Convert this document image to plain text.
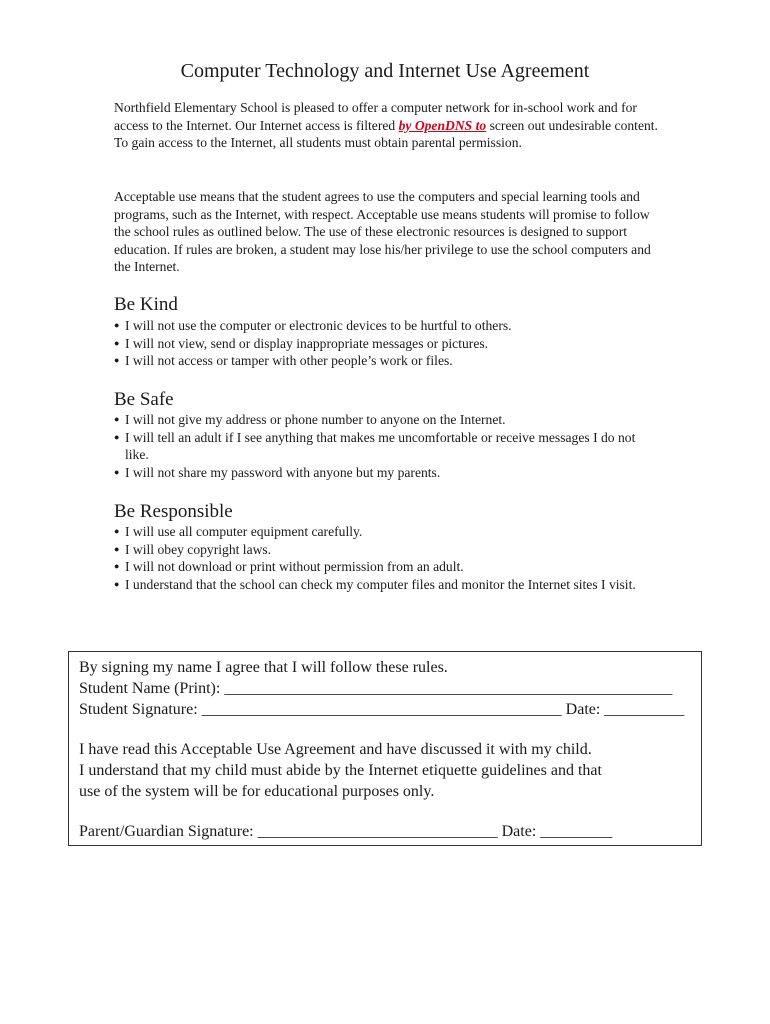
Computer Technology and Internet Use Agreement

Northfield Elementary School is pleased to offer a computer network for in-school work and for access to the Internet. Our Internet access is filtered by OpenDNS to screen out undesirable content. To gain access to the Internet, all students must obtain parental permission.

Acceptable use means that the student agrees to use the computers and special learning tools and programs, such as the Internet, with respect. Acceptable use means students will promise to follow the school rules as outlined below. The use of these electronic resources is designed to support education. If rules are broken, a student may lose his/her privilege to use the school computers and the Internet.

Be Kind
● I will not use the computer or electronic devices to be hurtful to others.
● I will not view, send or display inappropriate messages or pictures.
● I will not access or tamper with other people’s work or files.
Be Safe
● I will not give my address or phone number to anyone on the Internet.
● I will tell an adult if I see anything that makes me uncomfortable or receive messages I do not like.
● I will not share my password with anyone but my parents.
Be Responsible
● I will use all computer equipment carefully.
● I will obey copyright laws.
● I will not download or print without permission from an adult.
● I understand that the school can check my computer files and monitor the Internet sites I visit.
By signing my name I agree that I will follow these rules.
Student Name (Print): ________________________________________________________
Student Signature: _____________________________________________ Date: __________
I have read this Acceptable Use Agreement and have discussed it with my child.
I understand that my child must abide by the Internet etiquette guidelines and that
use of the system will be for educational purposes only.
Parent/Guardian Signature: ______________________________ Date: _________
